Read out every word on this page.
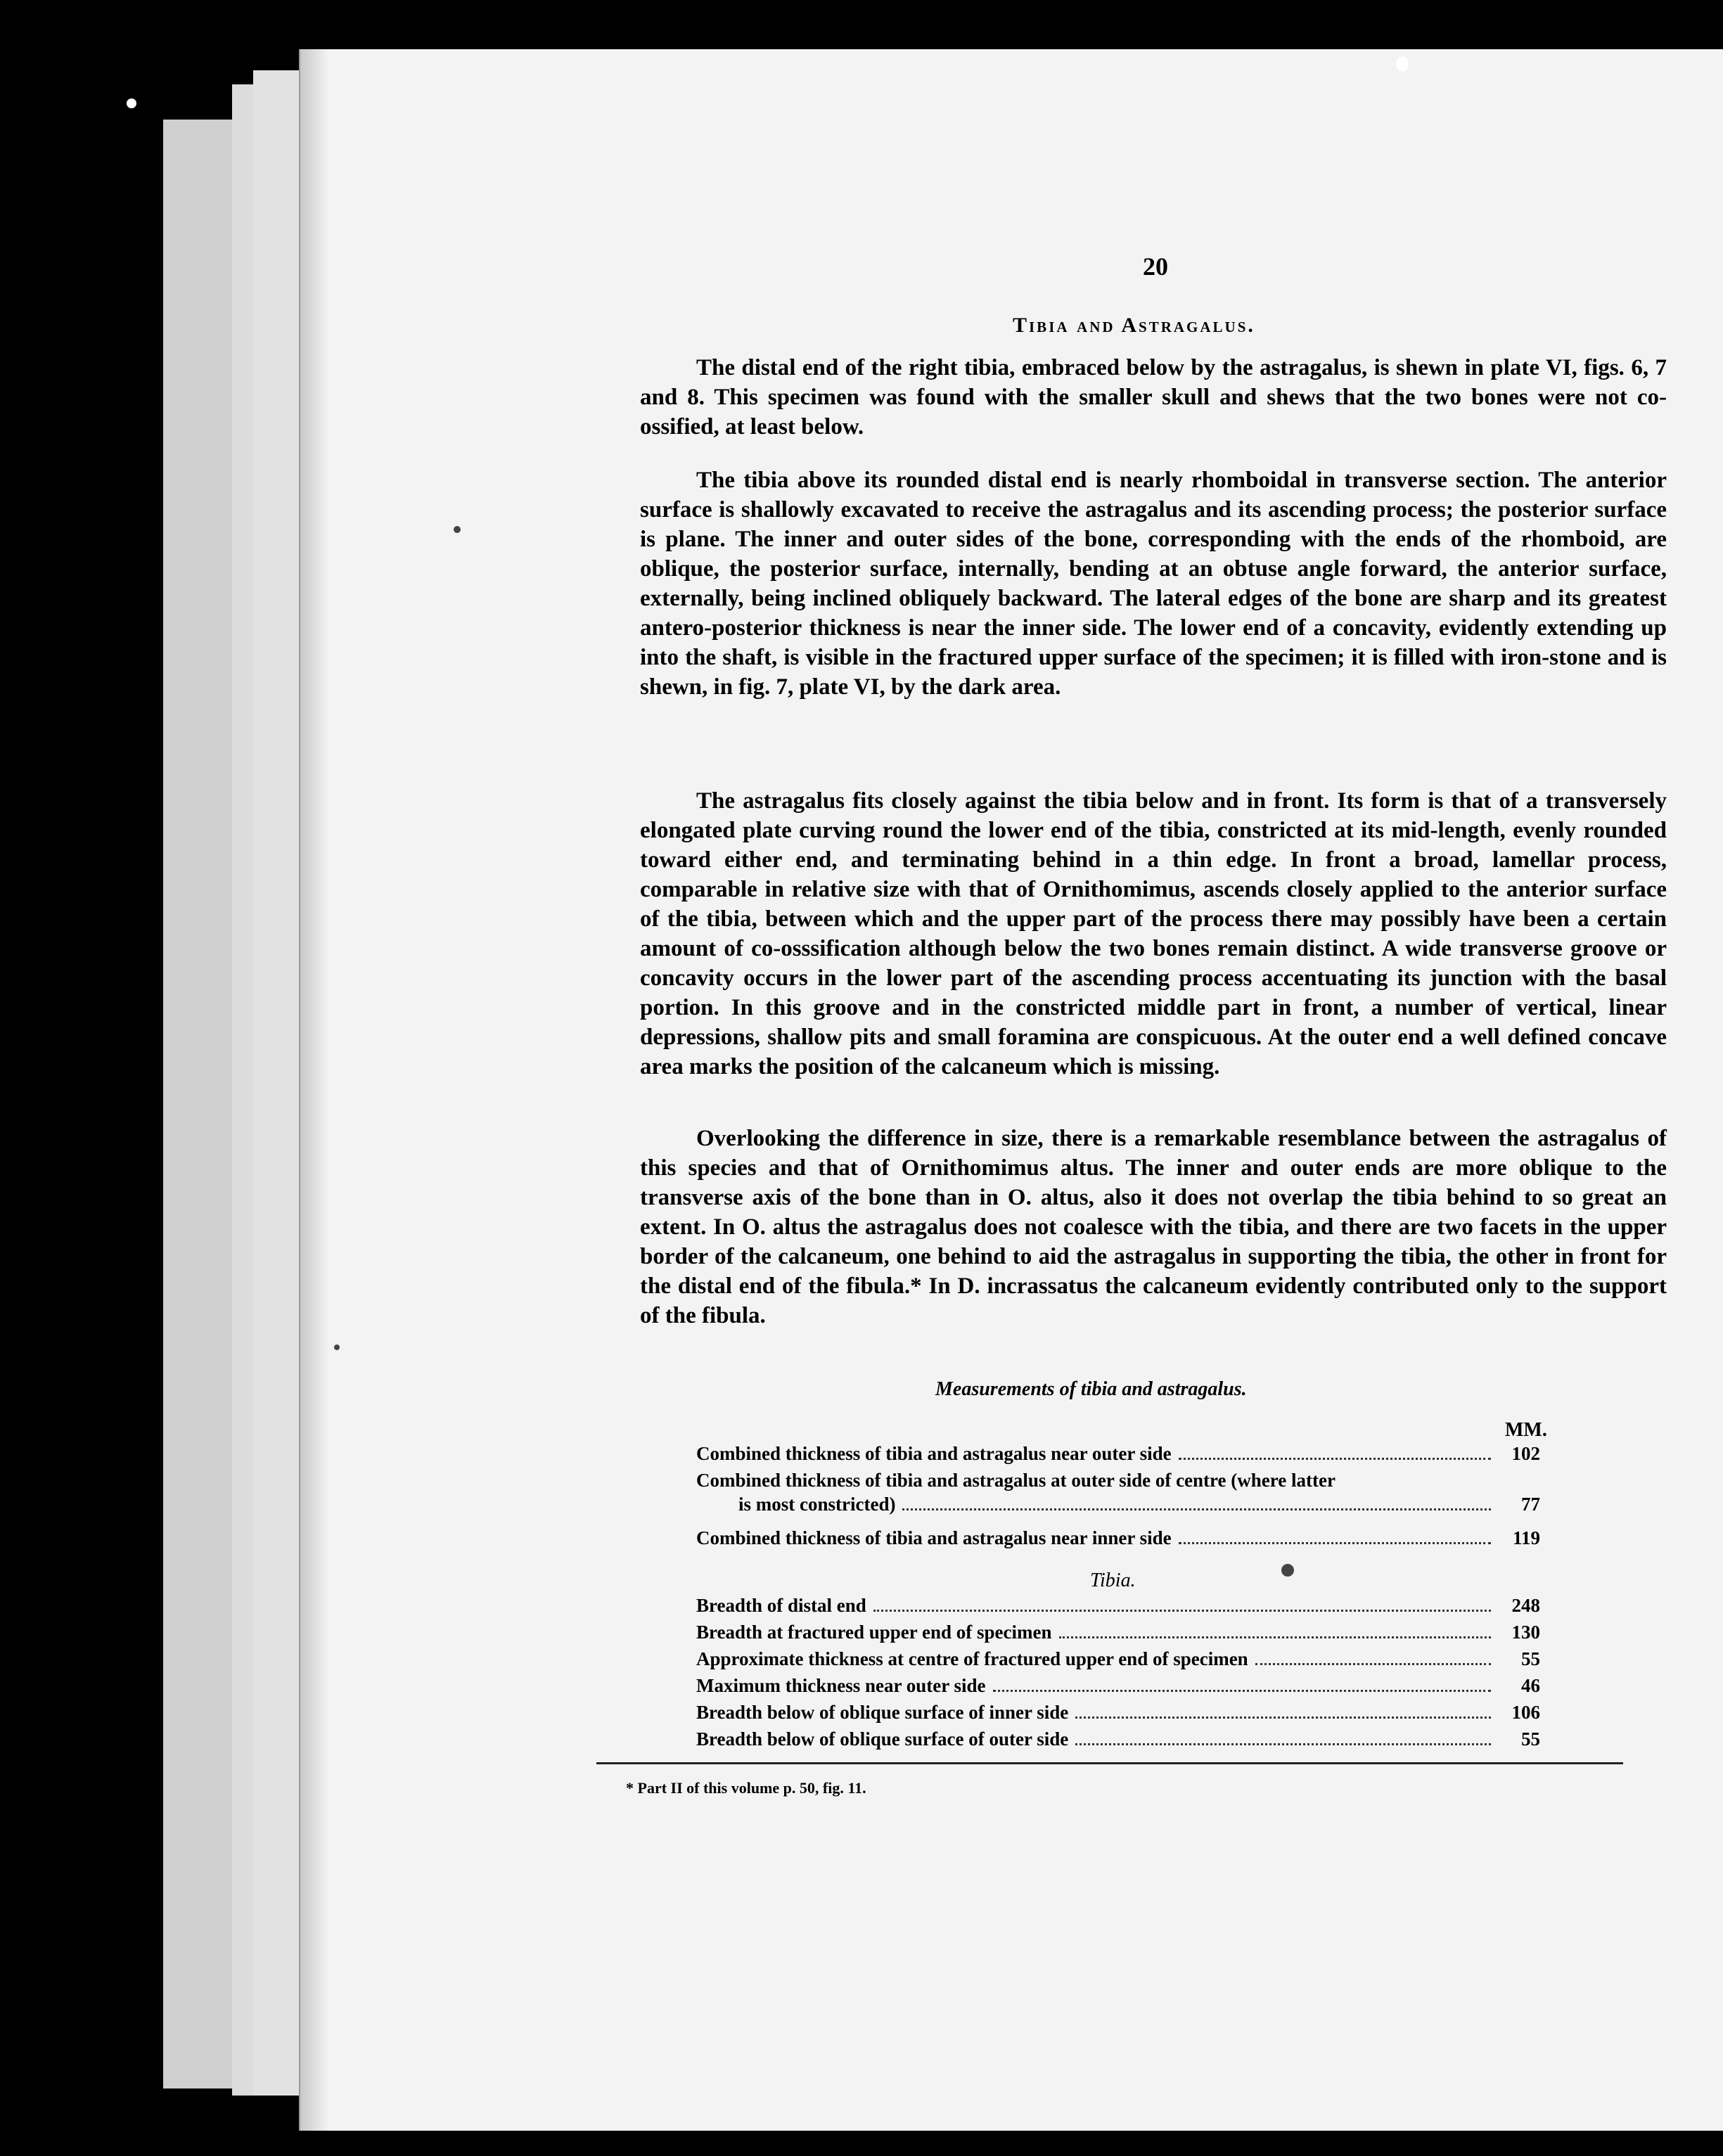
20
Tibia and Astragalus.

The distal end of the right tibia, embraced below by the astragalus, is shewn in plate VI, figs. 6, 7 and 8. This specimen was found with the smaller skull and shews that the two bones were not co-ossified, at least below.

The tibia above its rounded distal end is nearly rhomboidal in transverse section. The anterior surface is shallowly excavated to receive the astragalus and its ascending process; the posterior surface is plane. The inner and outer sides of the bone, corresponding with the ends of the rhomboid, are oblique, the posterior surface, internally, bending at an obtuse angle forward, the anterior surface, externally, being inclined obliquely backward. The lateral edges of the bone are sharp and its greatest antero-posterior thickness is near the inner side. The lower end of a concavity, evidently extending up into the shaft, is visible in the fractured upper surface of the specimen; it is filled with iron-stone and is shewn, in fig. 7, plate VI, by the dark area.

The astragalus fits closely against the tibia below and in front. Its form is that of a transversely elongated plate curving round the lower end of the tibia, constricted at its mid-length, evenly rounded toward either end, and terminating behind in a thin edge. In front a broad, lamellar process, comparable in relative size with that of Ornithomimus, ascends closely applied to the anterior surface of the tibia, between which and the upper part of the process there may possibly have been a certain amount of co-osssification although below the two bones remain distinct. A wide transverse groove or concavity occurs in the lower part of the ascending process accentuating its junction with the basal portion. In this groove and in the constricted middle part in front, a number of vertical, linear depressions, shallow pits and small foramina are conspicuous. At the outer end a well defined concave area marks the position of the calcaneum which is missing.

Overlooking the difference in size, there is a remarkable resemblance between the astragalus of this species and that of Ornithomimus altus. The inner and outer ends are more oblique to the transverse axis of the bone than in O. altus, also it does not overlap the tibia behind to so great an extent. In O. altus the astragalus does not coalesce with the tibia, and there are two facets in the upper border of the calcaneum, one behind to aid the astragalus in supporting the tibia, the other in front for the distal end of the fibula.* In D. incrassatus the calcaneum evidently contributed only to the support of the fibula.

Measurements of tibia and astragalus.
MM.
Combined thickness of tibia and astragalus near outer side	102
Combined thickness of tibia and astragalus at outer side of centre (where latter
is most constricted)	77
Combined thickness of tibia and astragalus near inner side	119
Tibia.
Breadth of distal end	248
Breadth at fractured upper end of specimen	130
Approximate thickness at centre of fractured upper end of specimen	55
Maximum thickness near outer side	46
Breadth below of oblique surface of inner side	106
Breadth below of oblique surface of outer side	55
* Part II of this volume p. 50, fig. 11.
